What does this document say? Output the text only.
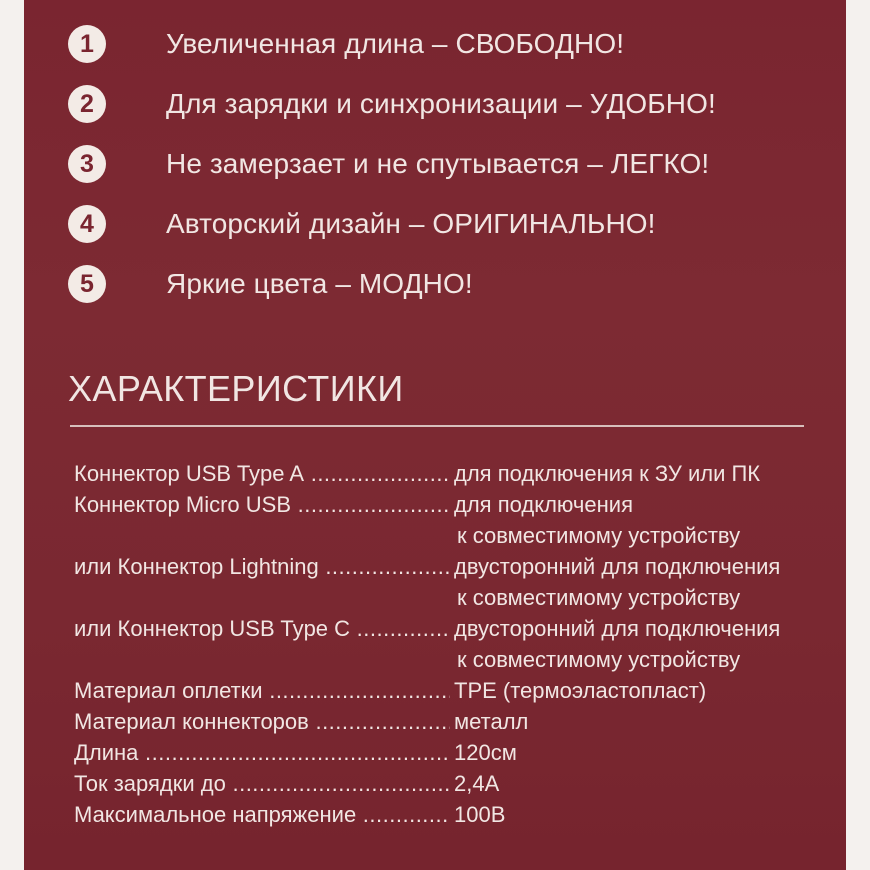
1	Увеличенная длина – СВОБОДНО!
2	Для зарядки и синхронизации – УДОБНО!
3	Не замерзает и не спутывается – ЛЕГКО!
4	Авторский дизайн – ОРИГИНАЛЬНО!
5	Яркие цвета – МОДНО!
ХАРАКТЕРИСТИКИ
Коннектор USB Type A .....	для подключения к ЗУ или ПК
Коннектор Micro USB .....	для подключения
к совместимому устройству
или Коннектор Lightning .....	двусторонний для подключения
к совместимому устройству
или Коннектор USB Type C .....	двусторонний для подключения
к совместимому устройству
Материал оплетки .....	TPE (термоэластопласт)
Материал коннекторов .....	металл
Длина .....	120см
Ток зарядки до .....	2,4А
Максимальное напряжение .....	100В
